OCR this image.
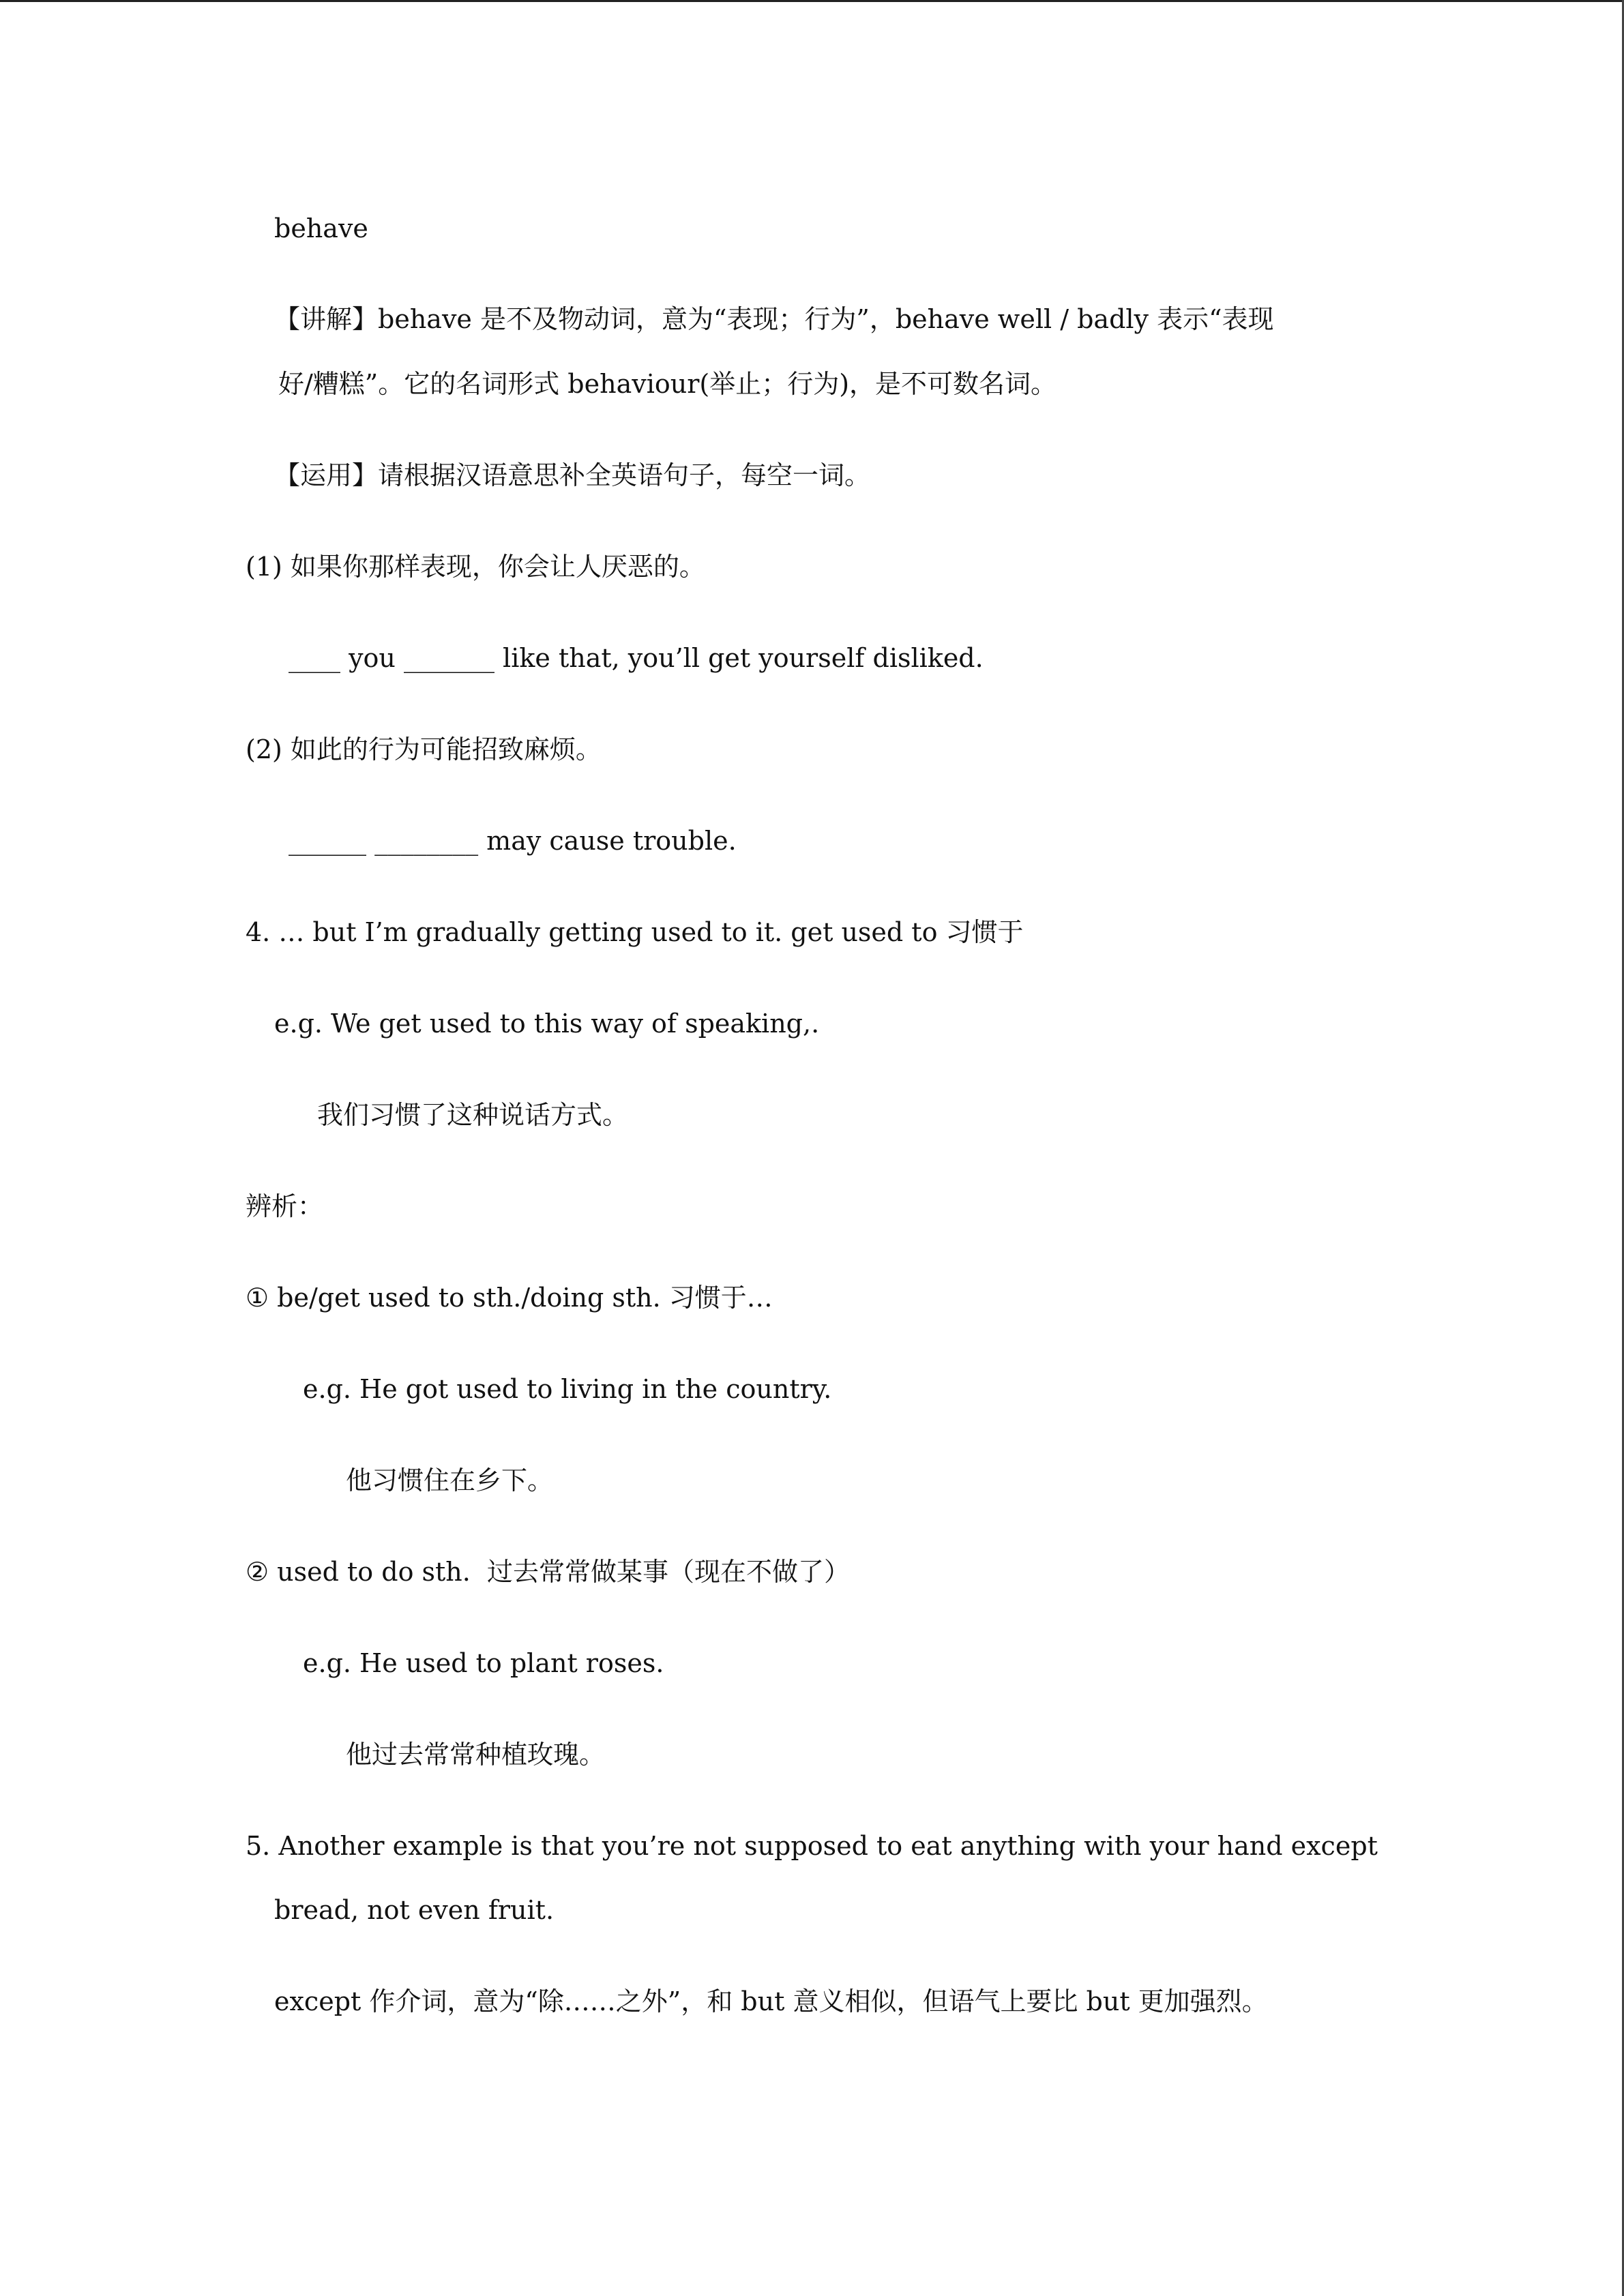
behave
【讲解】behave 是不及物动词，意为“表现；行为”，behave well / badly 表示“表现
好/糟糕”。它的名词形式 behaviour(举止；行为)，是不可数名词。
【运用】请根据汉语意思补全英语句子，每空一词。
(1) 如果你那样表现，你会让人厌恶的。
____ you _______ like that, you’ll get yourself disliked.
(2) 如此的行为可能招致麻烦。
______ ________ may cause trouble.
4. … but I’m gradually getting used to it. get used to 习惯于
e.g. We get used to this way of speaking,.
我们习惯了这种说话方式。
辨析：
① be/get used to sth./doing sth. 习惯于…
e.g. He got used to living in the country.
他习惯住在乡下。
② used to do sth.  过去常常做某事（现在不做了）
e.g. He used to plant roses.
他过去常常种植玫瑰。
5. Another example is that you’re not supposed to eat anything with your hand except
bread, not even fruit.
except 作介词，意为“除……之外”，和 but 意义相似，但语气上要比 but 更加强烈。
